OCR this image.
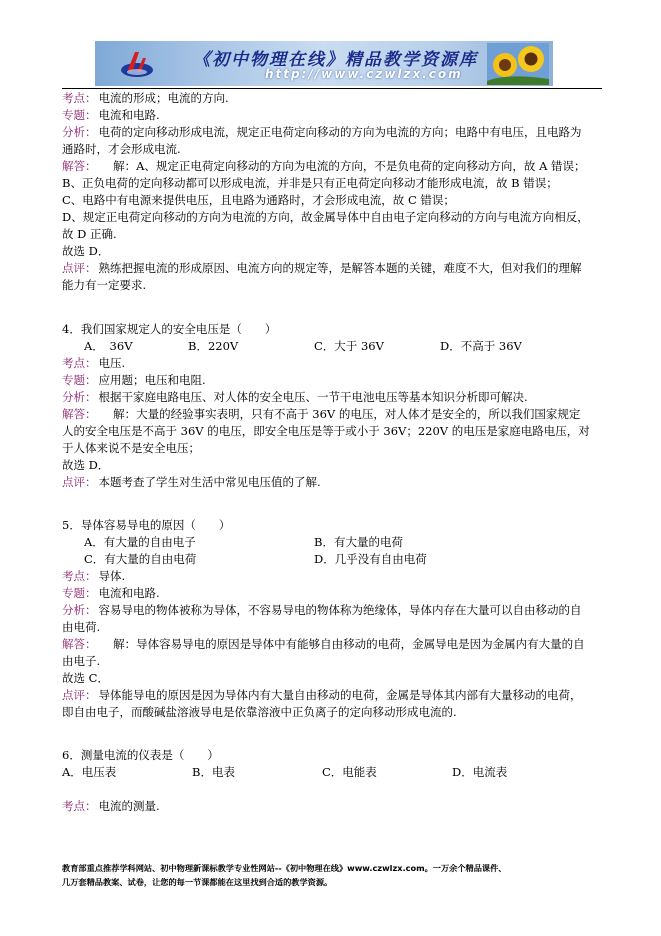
《初中物理在线》精品教学资源库
http://www.czwlzx.com
考点： 电流的形成；电流的方向.
专题： 电流和电路.
分析： 电荷的定向移动形成电流，规定正电荷定向移动的方向为电流的方向；电路中有电压，且电路为
通路时，才会形成电流.
解答： 解：A、规定正电荷定向移动的方向为电流的方向，不是负电荷的定向移动方向，故 A 错误；
B、正负电荷的定向移动都可以形成电流，并非是只有正电荷定向移动才能形成电流，故 B 错误；
C、电路中有电源来提供电压，且电路为通路时，才会形成电流，故 C 错误；
D、规定正电荷定向移动的方向为电流的方向，故金属导体中自由电子定向移动的方向与电流方向相反，
故 D 正确.
故选 D．
点评： 熟练把握电流的形成原因、电流方向的规定等，是解答本题的关键，难度不大，但对我们的理解
能力有一定要求.
4．我们国家规定人的安全电压是（　　）
A．　36V	B．220V	C．大于 36V	D．不高于 36V
考点： 电压.
专题： 应用题；电压和电阻.
分析： 根据干家庭电路电压、对人体的安全电压、一节干电池电压等基本知识分析即可解决.
解答： 解：大量的经验事实表明，只有不高于 36V 的电压，对人体才是安全的，所以我们国家规定
人的安全电压是不高于 36V 的电压，即安全电压是等于或小于 36V；220V 的电压是家庭电路电压，对
于人体来说不是安全电压；
故选 D．
点评： 本题考查了学生对生活中常见电压值的了解.
5．导体容易导电的原因（　　）
A．有大量的自由电子	B．有大量的电荷
C．有大量的自由电荷	D．几乎没有自由电荷
考点： 导体.
专题： 电流和电路.
分析： 容易导电的物体被称为导体，不容易导电的物体称为绝缘体，导体内存在大量可以自由移动的自
由电荷.
解答： 解：导体容易导电的原因是导体中有能够自由移动的电荷，金属导电是因为金属内有大量的自
由电子.
故选 C．
点评： 导体能导电的原因是因为导体内有大量自由移动的电荷，金属是导体其内部有大量移动的电荷，
即自由电子，而酸碱盐溶液导电是依靠溶液中正负离子的定向移动形成电流的.
6．测量电流的仪表是（　　）
A．电压表	B．电表	C．电能表	D．电流表
考点： 电流的测量.
教育部重点推荐学科网站、初中物理新课标教学专业性网站--《初中物理在线》www.czwlzx.com。一万余个精品课件、
几万套精品教案、试卷，让您的每一节课都能在这里找到合适的教学资源。
